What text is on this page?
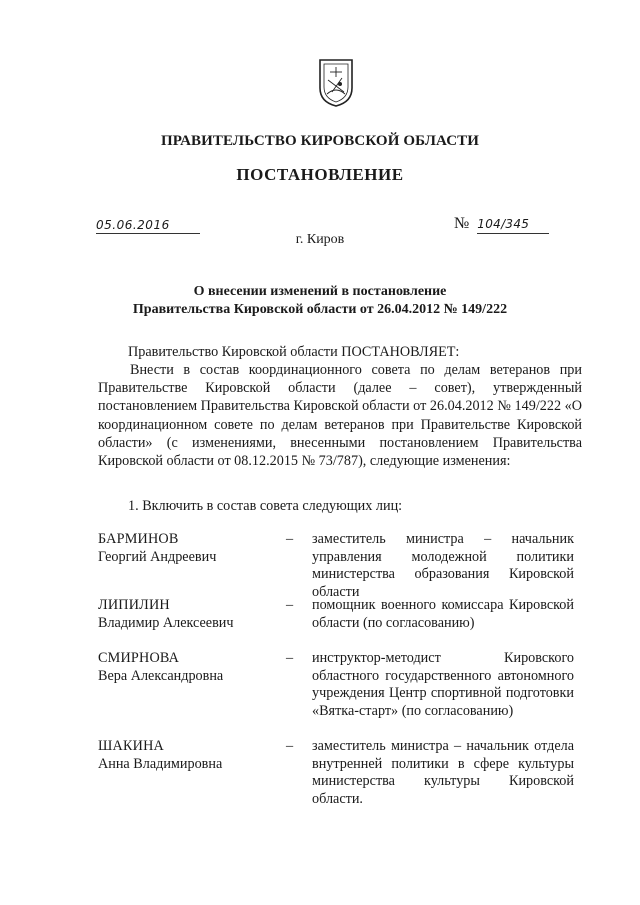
ПРАВИТЕЛЬСТВО КИРОВСКОЙ ОБЛАСТИ
ПОСТАНОВЛЕНИЕ
05.06.2016	№ 104/345
г. Киров
О внесении изменений в постановление
Правительства Кировской области от 26.04.2012 № 149/222
Правительство Кировской области ПОСТАНОВЛЯЕТ:
Внести в состав координационного совета по делам ветеранов при Правительстве Кировской области (далее – совет), утвержденный постановлением Правительства Кировской области от 26.04.2012 № 149/222 «О координационном совете по делам ветеранов при Правительстве Кировской области» (с изменениями, внесенными постановлением Правительства Кировской области от 08.12.2015 № 73/787), следующие изменения:
1. Включить в состав совета следующих лиц:
БАРМИНОВ
Георгий Андреевич
– заместитель министра – начальник управления молодежной политики министерства образования Кировской области
ЛИПИЛИН
Владимир Алексеевич
– помощник военного комиссара Кировской области (по согласованию)
СМИРНОВА
Вера Александровна
– инструктор-методист Кировского областного государственного автономного учреждения Центр спортивной подготовки «Вятка-старт» (по согласованию)
ШАКИНА
Анна Владимировна
– заместитель министра – начальник отдела внутренней политики в сфере культуры министерства культуры Кировской области.
